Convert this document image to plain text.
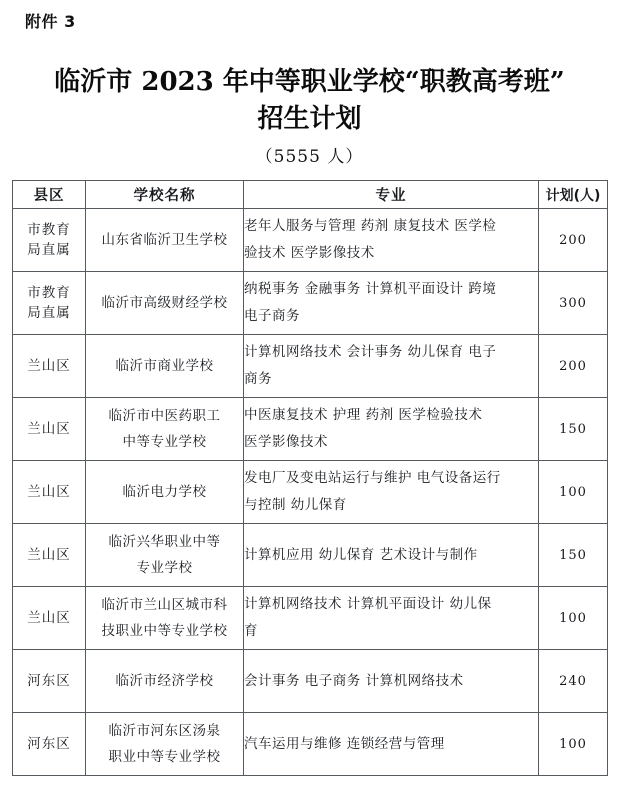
附件 3
临沂市 2023 年中等职业学校“职教高考班”
招生计划
（5555 人）
县区	学校名称	专业	计划(人)

市教育
局直属	山东省临沂卫生学校	老年人服务与管理 药剂 康复技术 医学检
验技术 医学影像技术	200

市教育
局直属	临沂市高级财经学校	纳税事务 金融事务 计算机平面设计 跨境
电子商务	300

兰山区	临沂市商业学校	计算机网络技术 会计事务 幼儿保育 电子
商务	200

兰山区	临沂市中医药职工
中等专业学校	中医康复技术 护理 药剂 医学检验技术
医学影像技术	150

兰山区	临沂电力学校	发电厂及变电站运行与维护 电气设备运行
与控制 幼儿保育	100

兰山区	临沂兴华职业中等
专业学校	计算机应用 幼儿保育 艺术设计与制作	150

兰山区	临沂市兰山区城市科
技职业中等专业学校	计算机网络技术 计算机平面设计 幼儿保
育	100

河东区	临沂市经济学校	会计事务 电子商务 计算机网络技术	240

河东区	临沂市河东区汤泉
职业中等专业学校	汽车运用与维修 连锁经营与管理	100
